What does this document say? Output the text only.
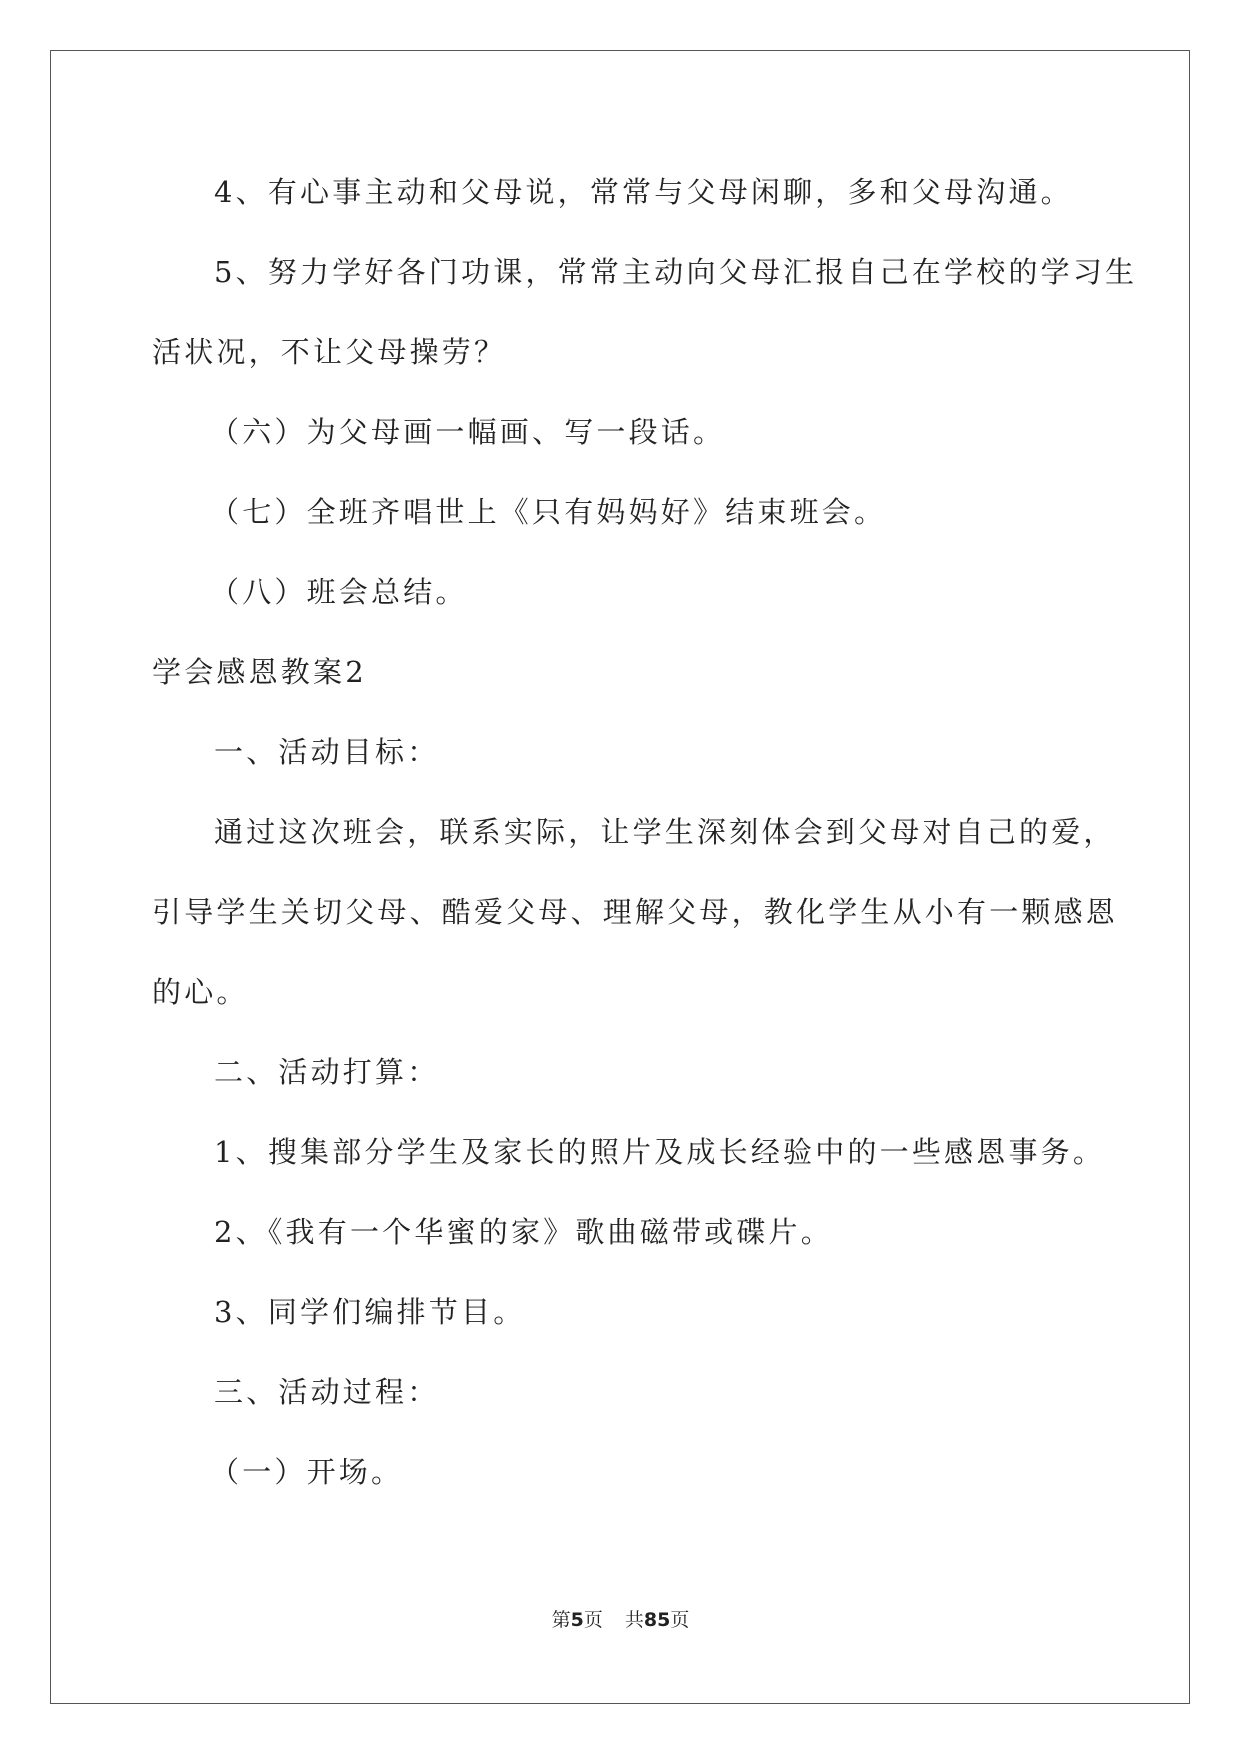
4、有心事主动和父母说，常常与父母闲聊，多和父母沟通。
5、努力学好各门功课，常常主动向父母汇报自己在学校的学习生
活状况，不让父母操劳？
（六）为父母画一幅画、写一段话。
（七）全班齐唱世上《只有妈妈好》结束班会。
（八）班会总结。
学会感恩教案2
一、活动目标：
通过这次班会，联系实际，让学生深刻体会到父母对自己的爱，
引导学生关切父母、酷爱父母、理解父母，教化学生从小有一颗感恩
的心。
二、活动打算：
1、搜集部分学生及家长的照片及成长经验中的一些感恩事务。
2、《我有一个华蜜的家》歌曲磁带或碟片。
3、同学们编排节目。
三、活动过程：
（一）开场。
第5页 共85页
